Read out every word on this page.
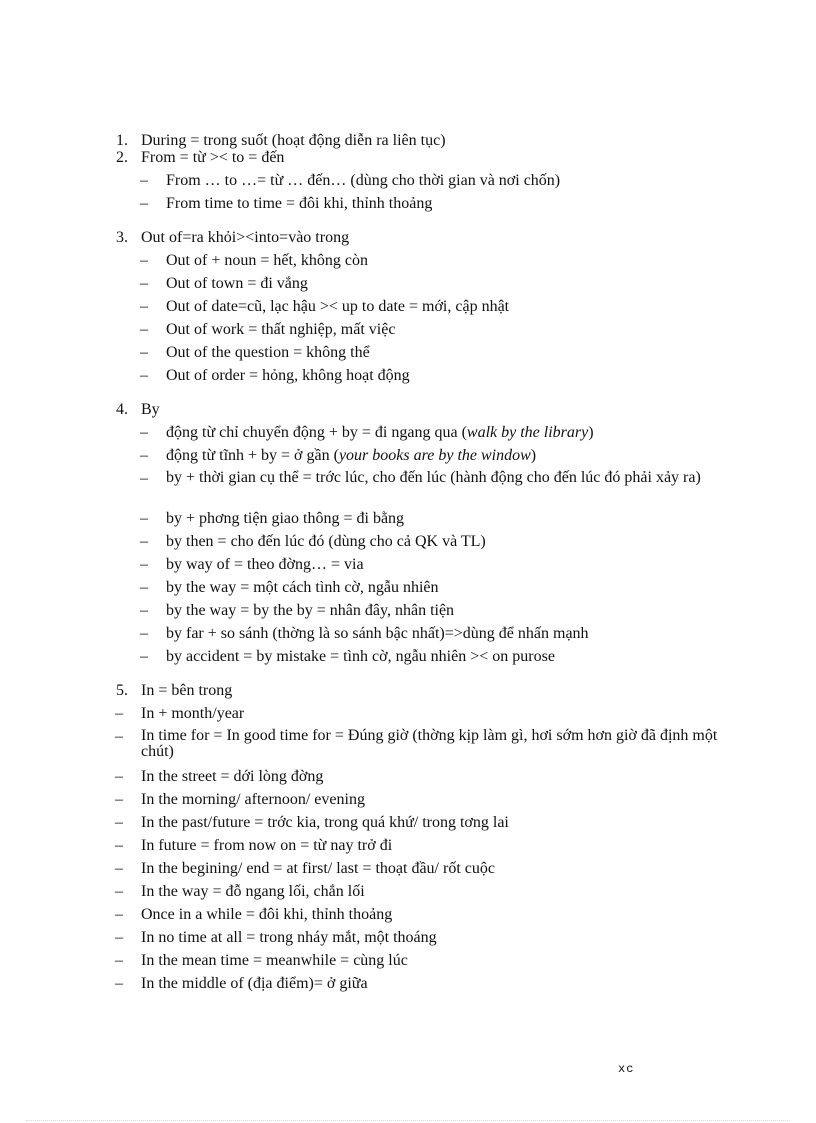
1. During = trong suốt (hoạt động diễn ra liên tục)
2. From = từ >< to = đến
– From … to …= từ … đến… (dùng cho thời gian và nơi chốn)
– From time to time = đôi khi, thỉnh thoảng
3. Out of=ra khỏi><into=vào trong
– Out of + noun = hết, không còn
– Out of town = đi vắng
– Out of date=cũ, lạc hậu >< up to date = mới, cập nhật
– Out of work = thất nghiệp, mất việc
– Out of the question = không thể
– Out of order = hỏng, không hoạt động
4. By
– động từ chỉ chuyển động + by = đi ngang qua (walk by the library)
– động từ tĩnh + by = ở gần (your books are by the window)
– by + thời gian cụ thể = trớc lúc, cho đến lúc (hành động cho đến lúc đó phải xảy ra)
– by + phơng tiện giao thông = đi bằng
– by then = cho đến lúc đó (dùng cho cả QK và TL)
– by way of = theo đờng… = via
– by the way = một cách tình cờ, ngẫu nhiên
– by the way = by the by = nhân đây, nhân tiện
– by far + so sánh (thờng là so sánh bậc nhất)=>dùng để nhấn mạnh
– by accident = by mistake = tình cờ, ngẫu nhiên >< on purose
5. In = bên trong
– In + month/year
– In time for = In good time for = Đúng giờ (thờng kịp làm gì, hơi sớm hơn giờ đã định một chút)
– In the street = dới lòng đờng
– In the morning/ afternoon/ evening
– In the past/future = trớc kia, trong quá khứ/ trong tơng lai
– In future = from now on = từ nay trở đi
– In the begining/ end = at first/ last = thoạt đầu/ rốt cuộc
– In the way = đỗ ngang lối, chắn lối
– Once in a while = đôi khi, thỉnh thoảng
– In no time at all = trong nháy mắt, một thoáng
– In the mean time = meanwhile = cùng lúc
– In the middle of (địa điểm)= ở giữa
xc
